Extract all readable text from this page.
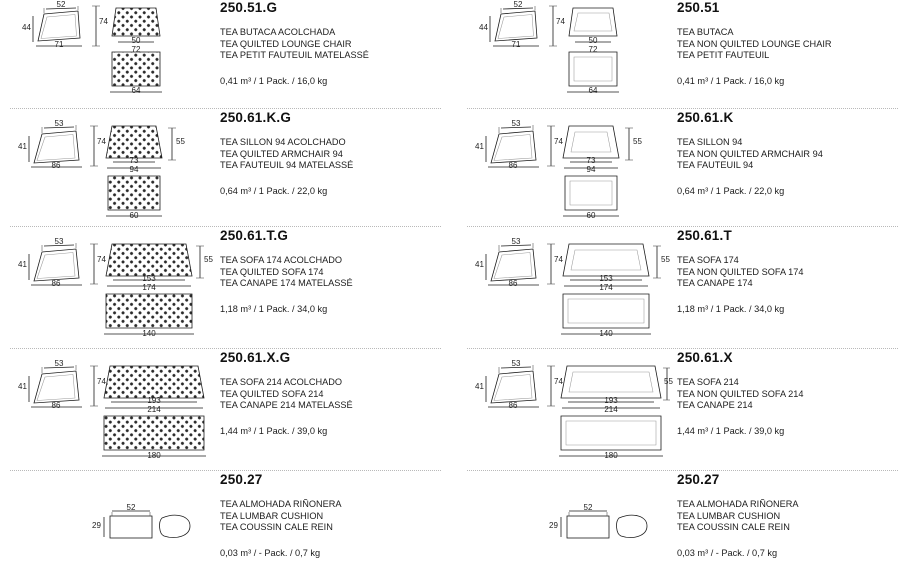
52
44
71
74
50
72
64
250.51.G
TEA BUTACA ACOLCHADA
TEA QUILTED LOUNGE CHAIR
TEA PETIT FAUTEUIL MATELASSÉ
0,41 m³ / 1 Pack. / 16,0 kg
53
41
86
74	55
73
94
60
250.61.K.G
TEA SILLON 94 ACOLCHADO
TEA QUILTED ARMCHAIR 94
TEA FAUTEUIL 94 MATELASSÉ
0,64 m³ / 1 Pack. / 22,0 kg
53
41
86
74	55
153
174
140
250.61.T.G
TEA SOFA 174 ACOLCHADO
TEA QUILTED SOFA 174
TEA CANAPE 174 MATELASSÉ
1,18 m³ / 1 Pack. / 34,0 kg
53
41
86
74
193
214
180
250.61.X.G
TEA SOFA 214 ACOLCHADO
TEA QUILTED SOFA 214
TEA CANAPE 214 MATELASSÉ
1,44 m³ / 1 Pack. / 39,0 kg
52
29
250.27
TEA ALMOHADA RIÑONERA
TEA LUMBAR CUSHION
TEA COUSSIN CALE REIN
0,03 m³ / - Pack. / 0,7 kg
52
44
71
74
50
72
64
250.51
TEA BUTACA
TEA NON QUILTED LOUNGE CHAIR
TEA PETIT FAUTEUIL
0,41 m³ / 1 Pack. / 16,0 kg
53
41
86
74	55
73
94
60
250.61.K
TEA SILLON 94
TEA NON QUILTED ARMCHAIR 94
TEA FAUTEUIL 94
0,64 m³ / 1 Pack. / 22,0 kg
53
41
86
74	55
153
174
140
250.61.T
TEA SOFA 174
TEA NON QUILTED SOFA 174
TEA CANAPE 174
1,18 m³ / 1 Pack. / 34,0 kg
53
41
86
74	55
193
214
180
250.61.X
TEA SOFA 214
TEA NON QUILTED SOFA 214
TEA CANAPE 214
1,44 m³ / 1 Pack. / 39,0 kg
52
29
250.27
TEA ALMOHADA RIÑONERA
TEA LUMBAR CUSHION
TEA COUSSIN CALE REIN
0,03 m³ / - Pack. / 0,7 kg
